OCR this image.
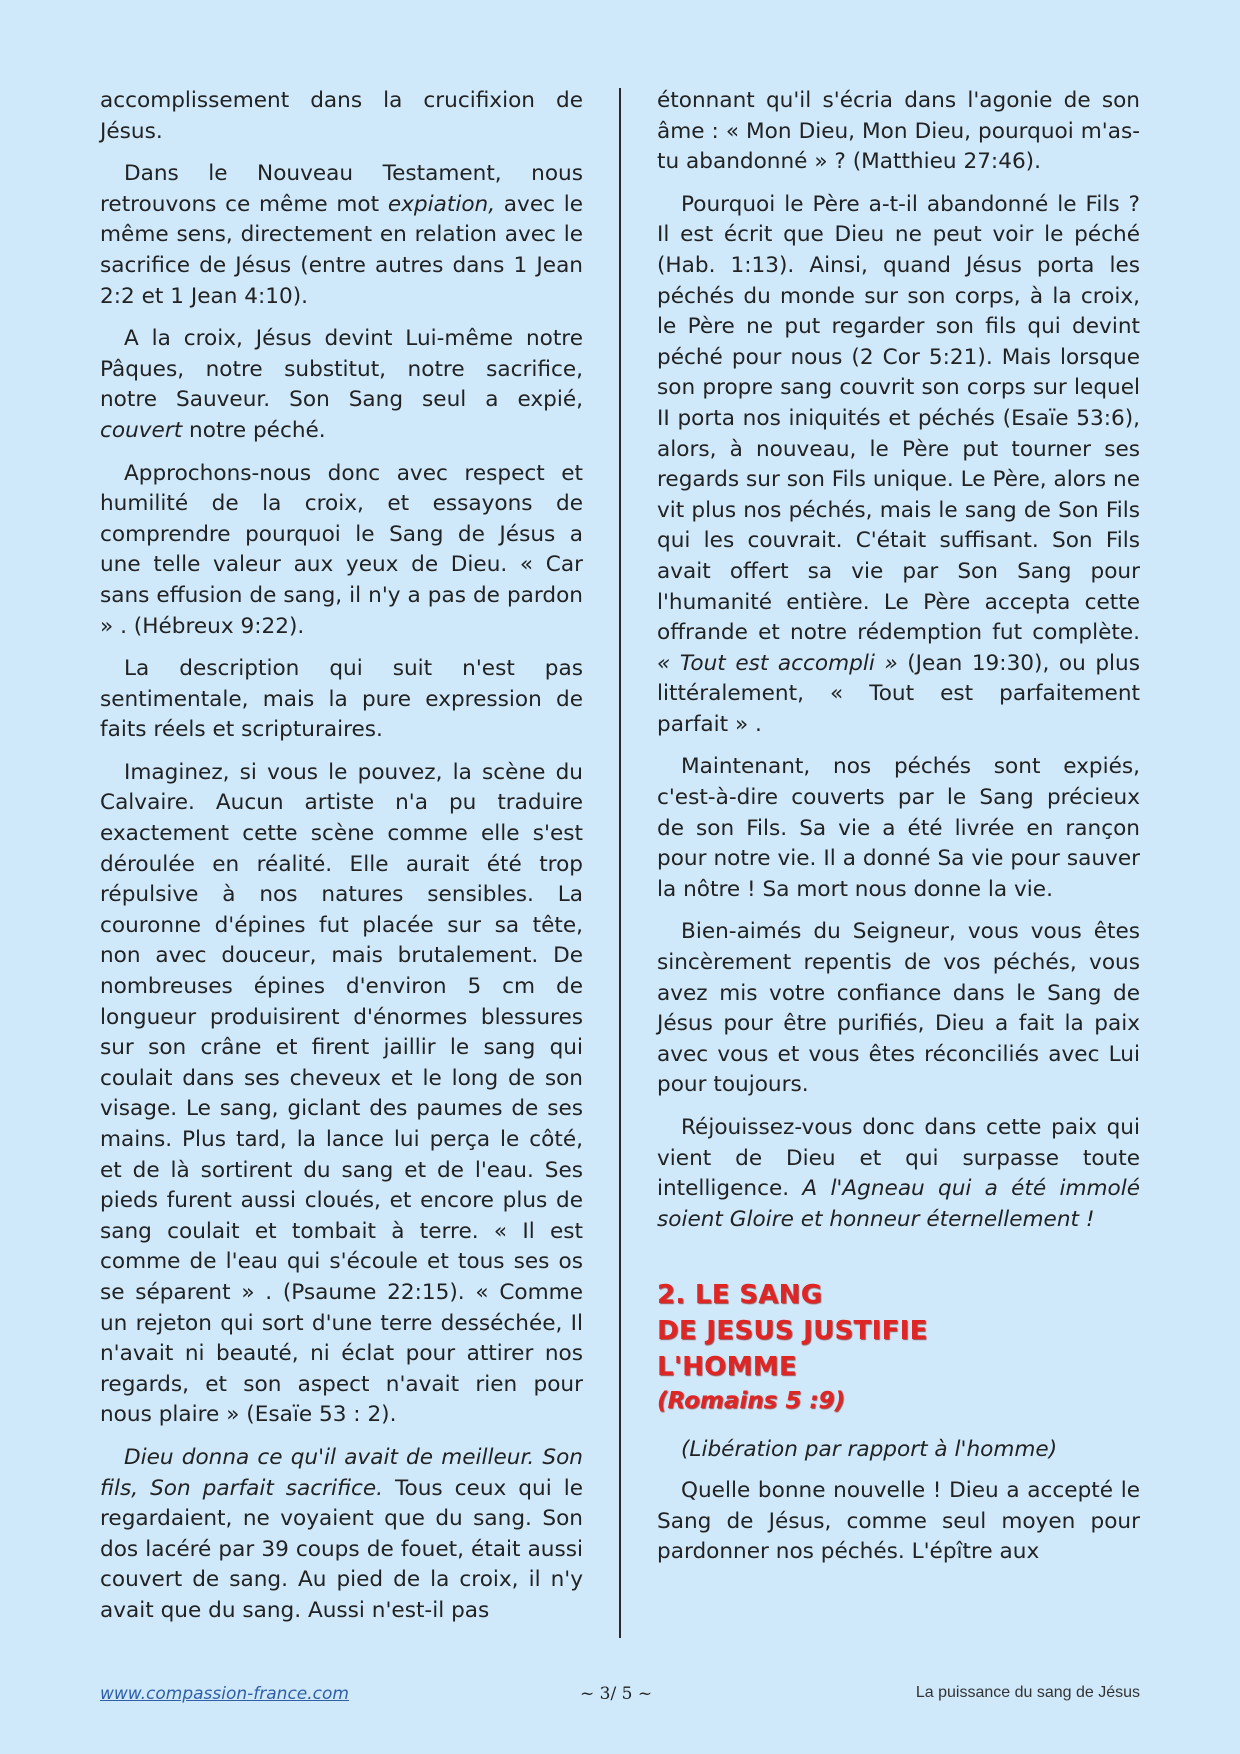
accomplissement dans la crucifixion de Jésus.

Dans le Nouveau Testament, nous retrouvons ce même mot expiation, avec le même sens, directement en relation avec le sacrifice de Jésus (entre autres dans 1 Jean 2:2 et 1 Jean 4:10).

A la croix, Jésus devint Lui-même notre Pâques, notre substitut, notre sacrifice, notre Sauveur. Son Sang seul a expié, couvert notre péché.

Approchons-nous donc avec respect et humilité de la croix, et essayons de comprendre pourquoi le Sang de Jésus a une telle valeur aux yeux de Dieu. « Car sans effusion de sang, il n'y a pas de pardon » . (Hébreux 9:22).

La description qui suit n'est pas sentimentale, mais la pure expression de faits réels et scripturaires.

Imaginez, si vous le pouvez, la scène du Calvaire. Aucun artiste n'a pu traduire exactement cette scène comme elle s'est déroulée en réalité. Elle aurait été trop répulsive à nos natures sensibles. La couronne d'épines fut placée sur sa tête, non avec douceur, mais brutalement. De nombreuses épines d'environ 5 cm de longueur produisirent d'énormes blessures sur son crâne et firent jaillir le sang qui coulait dans ses cheveux et le long de son visage. Le sang, giclant des paumes de ses mains. Plus tard, la lance lui perça le côté, et de là sortirent du sang et de l'eau. Ses pieds furent aussi cloués, et encore plus de sang coulait et tombait à terre. « Il est comme de l'eau qui s'écoule et tous ses os se séparent » . (Psaume 22:15). « Comme un rejeton qui sort d'une terre desséchée, Il n'avait ni beauté, ni éclat pour attirer nos regards, et son aspect n'avait rien pour nous plaire » (Esaïe 53 : 2).

Dieu donna ce qu'il avait de meilleur. Son fils, Son parfait sacrifice. Tous ceux qui le regardaient, ne voyaient que du sang. Son dos lacéré par 39 coups de fouet, était aussi couvert de sang. Au pied de la croix, il n'y avait que du sang. Aussi n'est-il pas

étonnant qu'il s'écria dans l'agonie de son âme : « Mon Dieu, Mon Dieu, pourquoi m'as-tu abandonné » ? (Matthieu 27:46).

Pourquoi le Père a-t-il abandonné le Fils ? Il est écrit que Dieu ne peut voir le péché (Hab. 1:13). Ainsi, quand Jésus porta les péchés du monde sur son corps, à la croix, le Père ne put regarder son fils qui devint péché pour nous (2 Cor 5:21). Mais lorsque son propre sang couvrit son corps sur lequel II porta nos iniquités et péchés (Esaïe 53:6), alors, à nouveau, le Père put tourner ses regards sur son Fils unique. Le Père, alors ne vit plus nos péchés, mais le sang de Son Fils qui les couvrait. C'était suffisant. Son Fils avait offert sa vie par Son Sang pour l'humanité entière. Le Père accepta cette offrande et notre rédemption fut complète. « Tout est accompli » (Jean 19:30), ou plus littéralement, « Tout est parfaitement parfait » .

Maintenant, nos péchés sont expiés, c'est-à-dire couverts par le Sang précieux de son Fils. Sa vie a été livrée en rançon pour notre vie. Il a donné Sa vie pour sauver la nôtre ! Sa mort nous donne la vie.

Bien-aimés du Seigneur, vous vous êtes sincèrement repentis de vos péchés, vous avez mis votre confiance dans le Sang de Jésus pour être purifiés, Dieu a fait la paix avec vous et vous êtes réconciliés avec Lui pour toujours.

Réjouissez-vous donc dans cette paix qui vient de Dieu et qui surpasse toute intelligence. A l'Agneau qui a été immolé soient Gloire et honneur éternellement !

2. LE SANG
DE JESUS JUSTIFIE
L'HOMME
(Romains 5 :9)

(Libération par rapport à l'homme)

Quelle bonne nouvelle ! Dieu a accepté le Sang de Jésus, comme seul moyen pour pardonner nos péchés. L'épître aux

www.compassion-france.com	~ 3/ 5 ~	La puissance du sang de Jésus
